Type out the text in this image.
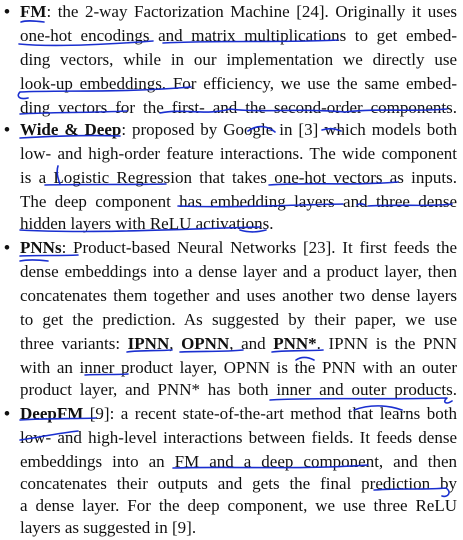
• FM: the 2-way Factorization Machine [24]. Originally it uses
one-hot encodings and matrix multiplications to get embed-
ding vectors, while in our implementation we directly use
look-up embeddings. For efficiency, we use the same embed-
ding vectors for the first- and the second-order components.
• Wide & Deep: proposed by Google in [3] which models both
low- and high-order feature interactions. The wide component
is a Logistic Regression that takes one-hot vectors as inputs.
The deep component has embedding layers and three dense
hidden layers with ReLU activations.
• PNNs: Product-based Neural Networks [23]. It first feeds the
dense embeddings into a dense layer and a product layer, then
concatenates them together and uses another two dense layers
to get the prediction. As suggested by their paper, we use
three variants: IPNN, OPNN, and PNN*. IPNN is the PNN
with an inner product layer, OPNN is the PNN with an outer
product layer, and PNN* has both inner and outer products.
• DeepFM [9]: a recent state-of-the-art method that learns both
low- and high-level interactions between fields. It feeds dense
embeddings into an FM and a deep component, and then
concatenates their outputs and gets the final prediction by
a dense layer. For the deep component, we use three ReLU
layers as suggested in [9].
